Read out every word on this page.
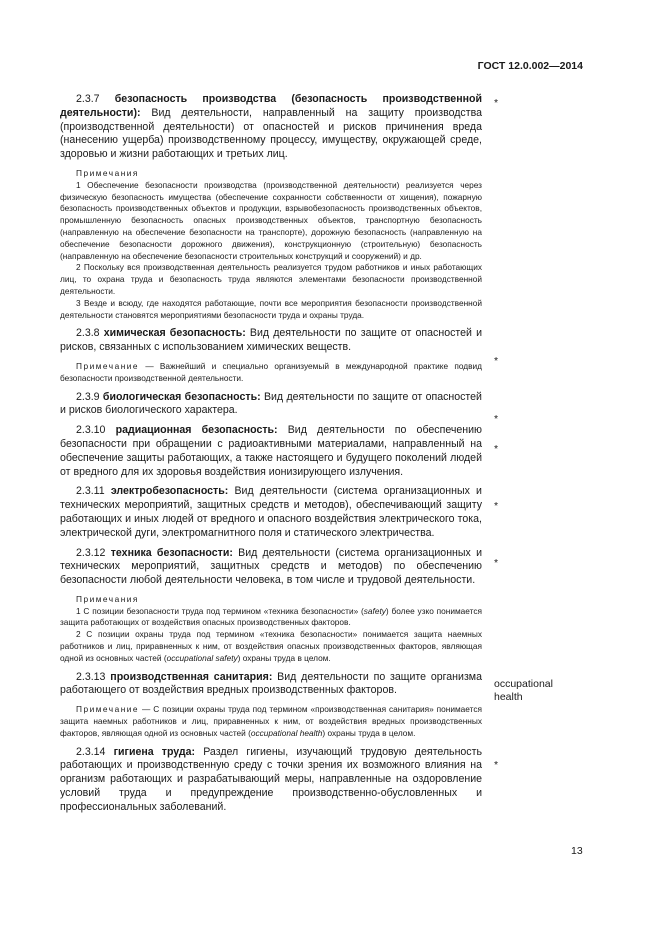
ГОСТ 12.0.002—2014
*
*
*
*
*
*
occupational
health
*

2.3.7 безопасность производства (безопасность производственной деятельности): Вид деятельности, направленный на защиту производства (производственной деятельности) от опасностей и рисков причинения вреда (нанесению ущерба) производственному процессу, имуществу, окружающей среде, здоровью и жизни работающих и третьих лиц.

Примечания
1 Обеспечение безопасности производства (производственной деятельности) реализуется через физическую безопасность имущества (обеспечение сохранности собственности от хищения), пожарную безопасность производственных объектов и продукции, взрывобезопасность производственных объектов, промышленную безопасность опасных производственных объектов, транспортную безопасность (направленную на обеспечение безопасности на транспорте), дорожную безопасность (направленную на обеспечение безопасности дорожного движения), конструкционную (строительную) безопасность (направленную на обеспечение безопасности строительных конструкций и сооружений) и др.
2 Поскольку вся производственная деятельность реализуется трудом работников и иных работающих лиц, то охрана труда и безопасность труда являются элементами безопасности производственной деятельности.
3 Везде и всюду, где находятся работающие, почти все мероприятия безопасности производственной деятельности становятся мероприятиями безопасности труда и охраны труда.

2.3.8 химическая безопасность: Вид деятельности по защите от опасностей и рисков, связанных с использованием химических веществ.

Примечание — Важнейший и специально организуемый в международной практике подвид безопасности производственной деятельности.

2.3.9 биологическая безопасность: Вид деятельности по защите от опасностей и рисков биологического характера.

2.3.10 радиационная безопасность: Вид деятельности по обеспечению безопасности при обращении с радиоактивными материалами, направленный на обеспечение защиты работающих, а также настоящего и будущего поколений людей от вредного для их здоровья воздействия ионизирующего излучения.

2.3.11 электробезопасность: Вид деятельности (система организационных и технических мероприятий, защитных средств и методов), обеспечивающий защиту работающих и иных людей от вредного и опасного воздействия электрического тока, электрической дуги, электромагнитного поля и статического электричества.

2.3.12 техника безопасности: Вид деятельности (система организационных и технических мероприятий, защитных средств и методов) по обеспечению безопасности любой деятельности человека, в том числе и трудовой деятельности.

Примечания
1 С позиции безопасности труда под термином «техника безопасности» (safety) более узко понимается защита работающих от воздействия опасных производственных факторов.
2 С позиции охраны труда под термином «техника безопасности» понимается защита наемных работников и лиц, приравненных к ним, от воздействия опасных производственных факторов, являющая одной из основных частей (occupational safety) охраны труда в целом.

2.3.13 производственная санитария: Вид деятельности по защите организма работающего от воздействия вредных производственных факторов.

Примечание — С позиции охраны труда под термином «производственная санитария» понимается защита наемных работников и лиц, приравненных к ним, от воздействия вредных производственных факторов, являющая одной из основных частей (occupational health) охраны труда в целом.

2.3.14 гигиена труда: Раздел гигиены, изучающий трудовую деятельность работающих и производственную среду с точки зрения их возможного влияния на организм работающих и разрабатывающий меры, направленные на оздоровление условий труда и предупреждение производственно-обусловленных и профессиональных заболеваний.

13
